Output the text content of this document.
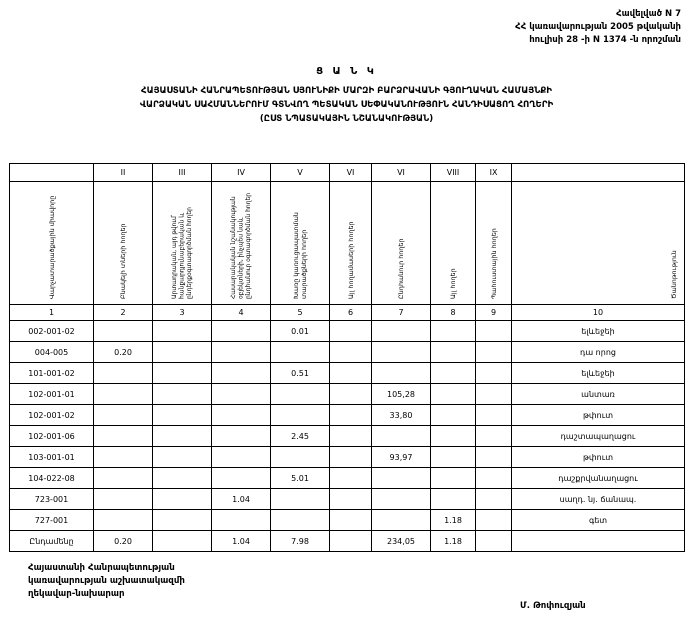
Հավելված N 7
ՀՀ կառավարության 2005 թվականի
հուլիսի 28 -ի N 1374 -ն որոշման
Ց Ա Ն Կ
ՀԱՅԱՍՏԱՆԻ ՀԱՆՐԱՊԵՏՈՒԹՅԱՆ ՍՅՈՒՆԻՔԻ ՄԱՐԶԻ ԲԱՐՁՐԱՎԱՆԻ ԳՅՈՒՂԱԿԱՆ ՀԱՄԱՅՆՔԻ
ՎԱՐՁԱԿԱՆ ՍԱՀՄԱՆՆԵՐՈՒՄ ԳՏՆՎՈՂ ՊԵՏԱԿԱՆ ՍԵՓԱԿԱՆՈՒԹՅՈՒՆ ՀԱՆԴԻՍԱՑՈՂ ՀՈՂԵՐԻ
(ԸՍՏ ՆՊԱՏԱԿԱՅԻՆ ՆՇԱՆԱԿՈՒԹՅԱՆ)
	II	III	IV	V	VI	VI	VIII	IX	
Վարչատարածքային միավորը	Բնակելի տների հողեր	Արտադրական, այդ թվում՝ հանքարդյունաբերական և ընդերքօգտագործման հողեր	Հասարակական նշանակության օբյեկտների, ինչպես նաև ընդհանուր օգտագործման հողեր	Խառը կառուցապատման տարածքների հողեր	Այլ հողամասերի հողեր	Ընդհանուր հողեր	Այլ հողեր	Պահուստային հողեր	Ծանոթություն
1	2	3	4	5	6	7	8	9	10
002-001-02				0.01					ելևեջեի
004-005	0.20								դա որոց
101-001-02				0.51					ելևեջեի
102-001-01						105,28			անտառ
102-001-02						33,80			թփուտ
102-001-06				2.45					դաշտապաղացու
103-001-01						93,97			թփուտ
104-022-08				5.01					դաշքրվանաղացու
723-001			1.04						սաղդ. նյ. ճանապ.
727-001							1.18		գետ
Ընդամենը	0.20		1.04	7.98		234,05	1.18		
Հայաստանի Հանրապետության
կառավարության աշխատակազմի
ղեկավար-նախարար
Մ. Թոփուզյան
